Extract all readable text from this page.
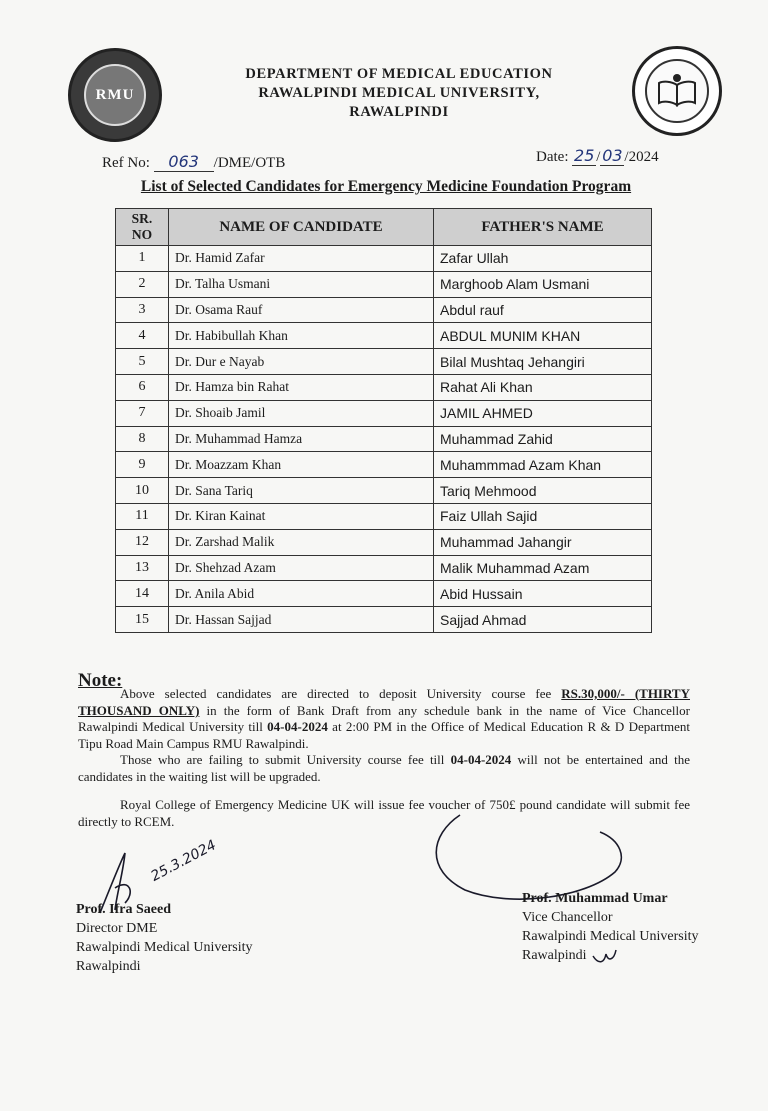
RMU
DEPARTMENT OF MEDICAL EDUCATION
RAWALPINDI MEDICAL UNIVERSITY,
RAWALPINDI
Ref No: 063 /DME/OTB	Date: 25 / 03 /2024
List of Selected Candidates for Emergency Medicine Foundation Program
SR. NO	NAME OF CANDIDATE	FATHER'S NAME
1	Dr. Hamid Zafar	Zafar Ullah
2	Dr. Talha Usmani	Marghoob Alam Usmani
3	Dr. Osama Rauf	Abdul rauf
4	Dr. Habibullah Khan	ABDUL MUNIM KHAN
5	Dr. Dur e Nayab	Bilal Mushtaq Jehangiri
6	Dr. Hamza bin Rahat	Rahat Ali Khan
7	Dr. Shoaib Jamil	JAMIL AHMED
8	Dr. Muhammad Hamza	Muhammad Zahid
9	Dr. Moazzam Khan	Muhammmad Azam Khan
10	Dr. Sana Tariq	Tariq Mehmood
11	Dr. Kiran Kainat	Faiz Ullah Sajid
12	Dr. Zarshad Malik	Muhammad Jahangir
13	Dr. Shehzad Azam	Malik Muhammad Azam
14	Dr. Anila Abid	Abid Hussain
15	Dr. Hassan Sajjad	Sajjad Ahmad
Note:
Above selected candidates are directed to deposit University course fee RS.30,000/- (THIRTY
THOUSAND ONLY) in the form of Bank Draft from any schedule bank in the name of Vice Chancellor
Rawalpindi Medical University till 04-04-2024 at 2:00 PM in the Office of Medical Education R & D Department
Tipu Road Main Campus RMU Rawalpindi.
Those who are failing to submit University course fee till 04-04-2024 will not be entertained and the
candidates in the waiting list will be upgraded.
Royal College of Emergency Medicine UK will issue fee voucher of 750£ pound candidate will submit fee
directly to RCEM.
25.3.2024
Prof. Ifra Saeed
Director DME
Rawalpindi Medical University
Rawalpindi
Prof. Muhammad Umar
Vice Chancellor
Rawalpindi Medical University
Rawalpindi
